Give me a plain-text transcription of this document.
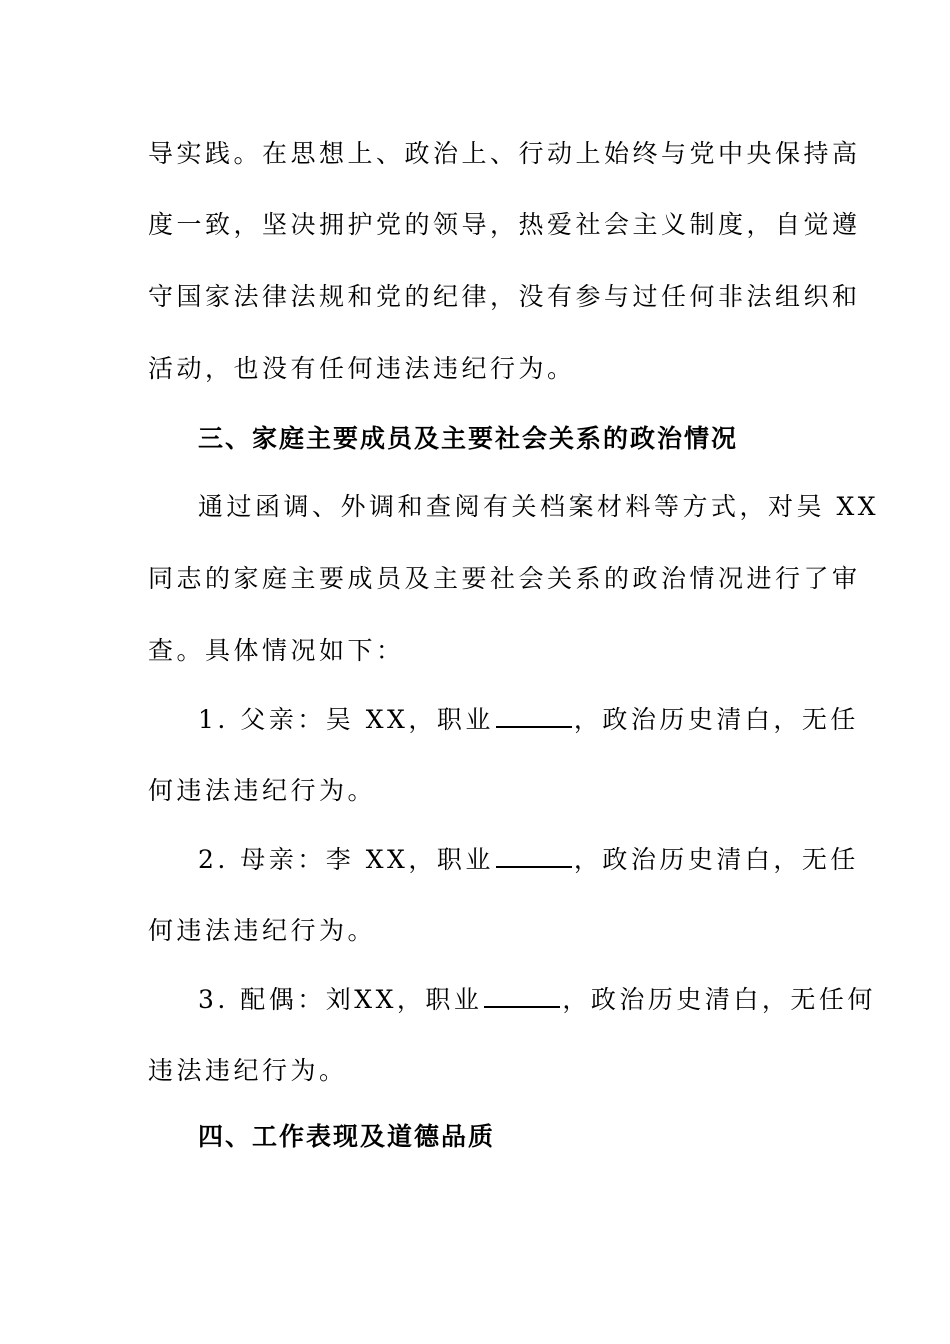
导实践。在思想上、政治上、行动上始终与党中央保持高
度一致，坚决拥护党的领导，热爱社会主义制度，自觉遵
守国家法律法规和党的纪律，没有参与过任何非法组织和
活动，也没有任何违法违纪行为。
三、家庭主要成员及主要社会关系的政治情况
通过函调、外调和查阅有关档案材料等方式，对吴 XX
同志的家庭主要成员及主要社会关系的政治情况进行了审
查。具体情况如下：
1. 父亲：吴 XX，职业	，政治历史清白，无任
何违法违纪行为。
2. 母亲：李 XX，职业	，政治历史清白，无任
何违法违纪行为。
3. 配偶：刘XX，职业	，政治历史清白，无任何
违法违纪行为。
四、工作表现及道德品质
